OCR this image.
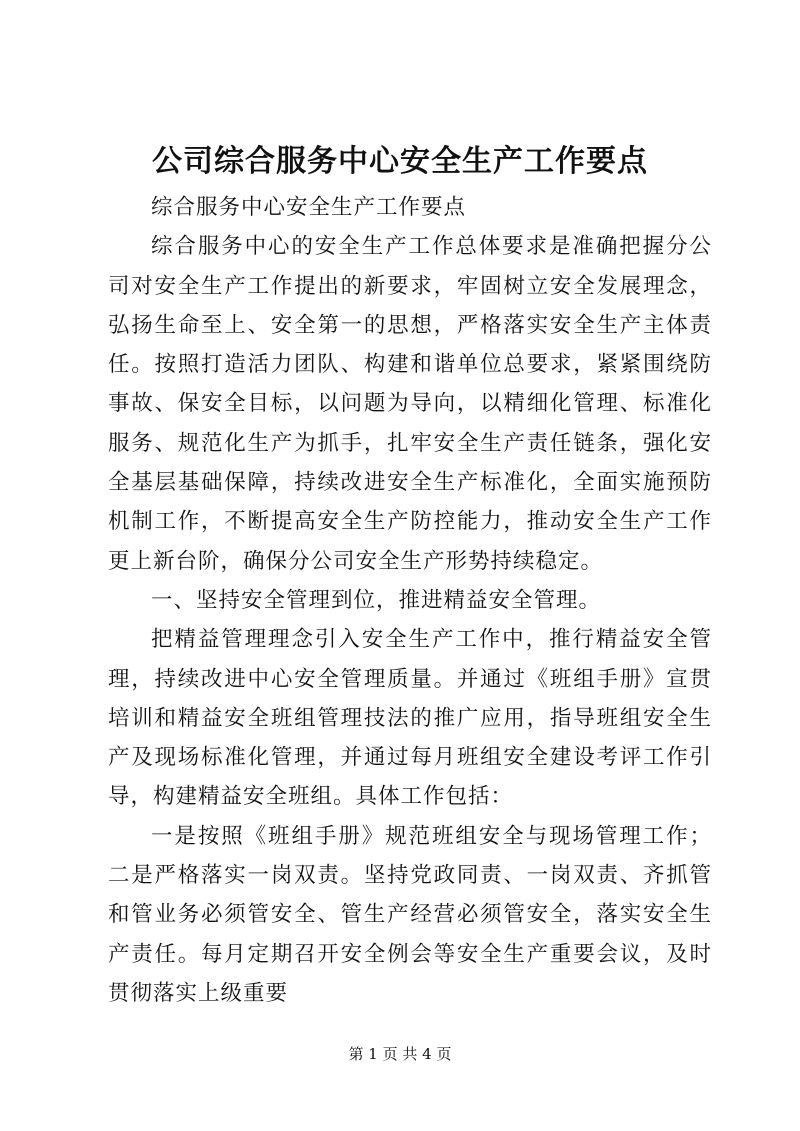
公司综合服务中心安全生产工作要点

综合服务中心安全生产工作要点

综合服务中心的安全生产工作总体要求是准确把握分公司对安全生产工作提出的新要求，牢固树立安全发展理念，弘扬生命至上、安全第一的思想，严格落实安全生产主体责任。按照打造活力团队、构建和谐单位总要求，紧紧围绕防事故、保安全目标，以问题为导向，以精细化管理、标准化服务、规范化生产为抓手，扎牢安全生产责任链条，强化安全基层基础保障，持续改进安全生产标准化，全面实施预防机制工作，不断提高安全生产防控能力，推动安全生产工作更上新台阶，确保分公司安全生产形势持续稳定。

一、坚持安全管理到位，推进精益安全管理。

把精益管理理念引入安全生产工作中，推行精益安全管理，持续改进中心安全管理质量。并通过《班组手册》宣贯培训和精益安全班组管理技法的推广应用，指导班组安全生产及现场标准化管理，并通过每月班组安全建设考评工作引导，构建精益安全班组。具体工作包括：

一是按照《班组手册》规范班组安全与现场管理工作；二是严格落实一岗双责。坚持党政同责、一岗双责、齐抓管和管业务必须管安全、管生产经营必须管安全，落实安全生产责任。每月定期召开安全例会等安全生产重要会议，及时贯彻落实上级重要

第 1 页 共 4 页
